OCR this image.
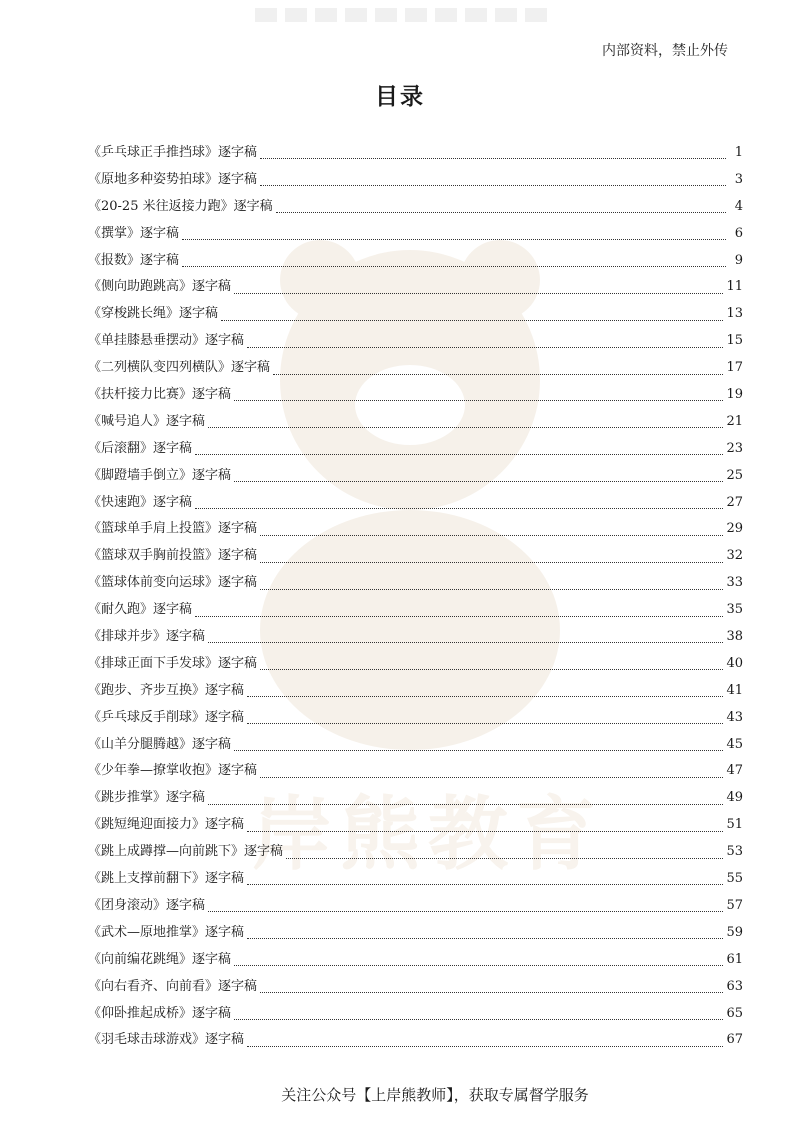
内部资料，禁止外传
目录
岸熊教育
《乒乓球正手推挡球》逐字稿	1
《原地多种姿势拍球》逐字稿	3
《20-25 米往返接力跑》逐字稿	4
《撰掌》逐字稿	6
《报数》逐字稿	9
《侧向助跑跳高》逐字稿	11
《穿梭跳长绳》逐字稿	13
《单挂膝悬垂摆动》逐字稿	15
《二列横队变四列横队》逐字稿	17
《扶杆接力比赛》逐字稿	19
《喊号追人》逐字稿	21
《后滚翻》逐字稿	23
《脚蹬墙手倒立》逐字稿	25
《快速跑》逐字稿	27
《篮球单手肩上投篮》逐字稿	29
《篮球双手胸前投篮》逐字稿	32
《篮球体前变向运球》逐字稿	33
《耐久跑》逐字稿	35
《排球并步》逐字稿	38
《排球正面下手发球》逐字稿	40
《跑步、齐步互换》逐字稿	41
《乒乓球反手削球》逐字稿	43
《山羊分腿腾越》逐字稿	45
《少年拳—撩掌收抱》逐字稿	47
《跳步推掌》逐字稿	49
《跳短绳迎面接力》逐字稿	51
《跳上成蹲撑—向前跳下》逐字稿	53
《跳上支撑前翻下》逐字稿	55
《团身滚动》逐字稿	57
《武术—原地推掌》逐字稿	59
《向前编花跳绳》逐字稿	61
《向右看齐、向前看》逐字稿	63
《仰卧推起成桥》逐字稿	65
《羽毛球击球游戏》逐字稿	67
关注公众号【上岸熊教师】，获取专属督学服务
